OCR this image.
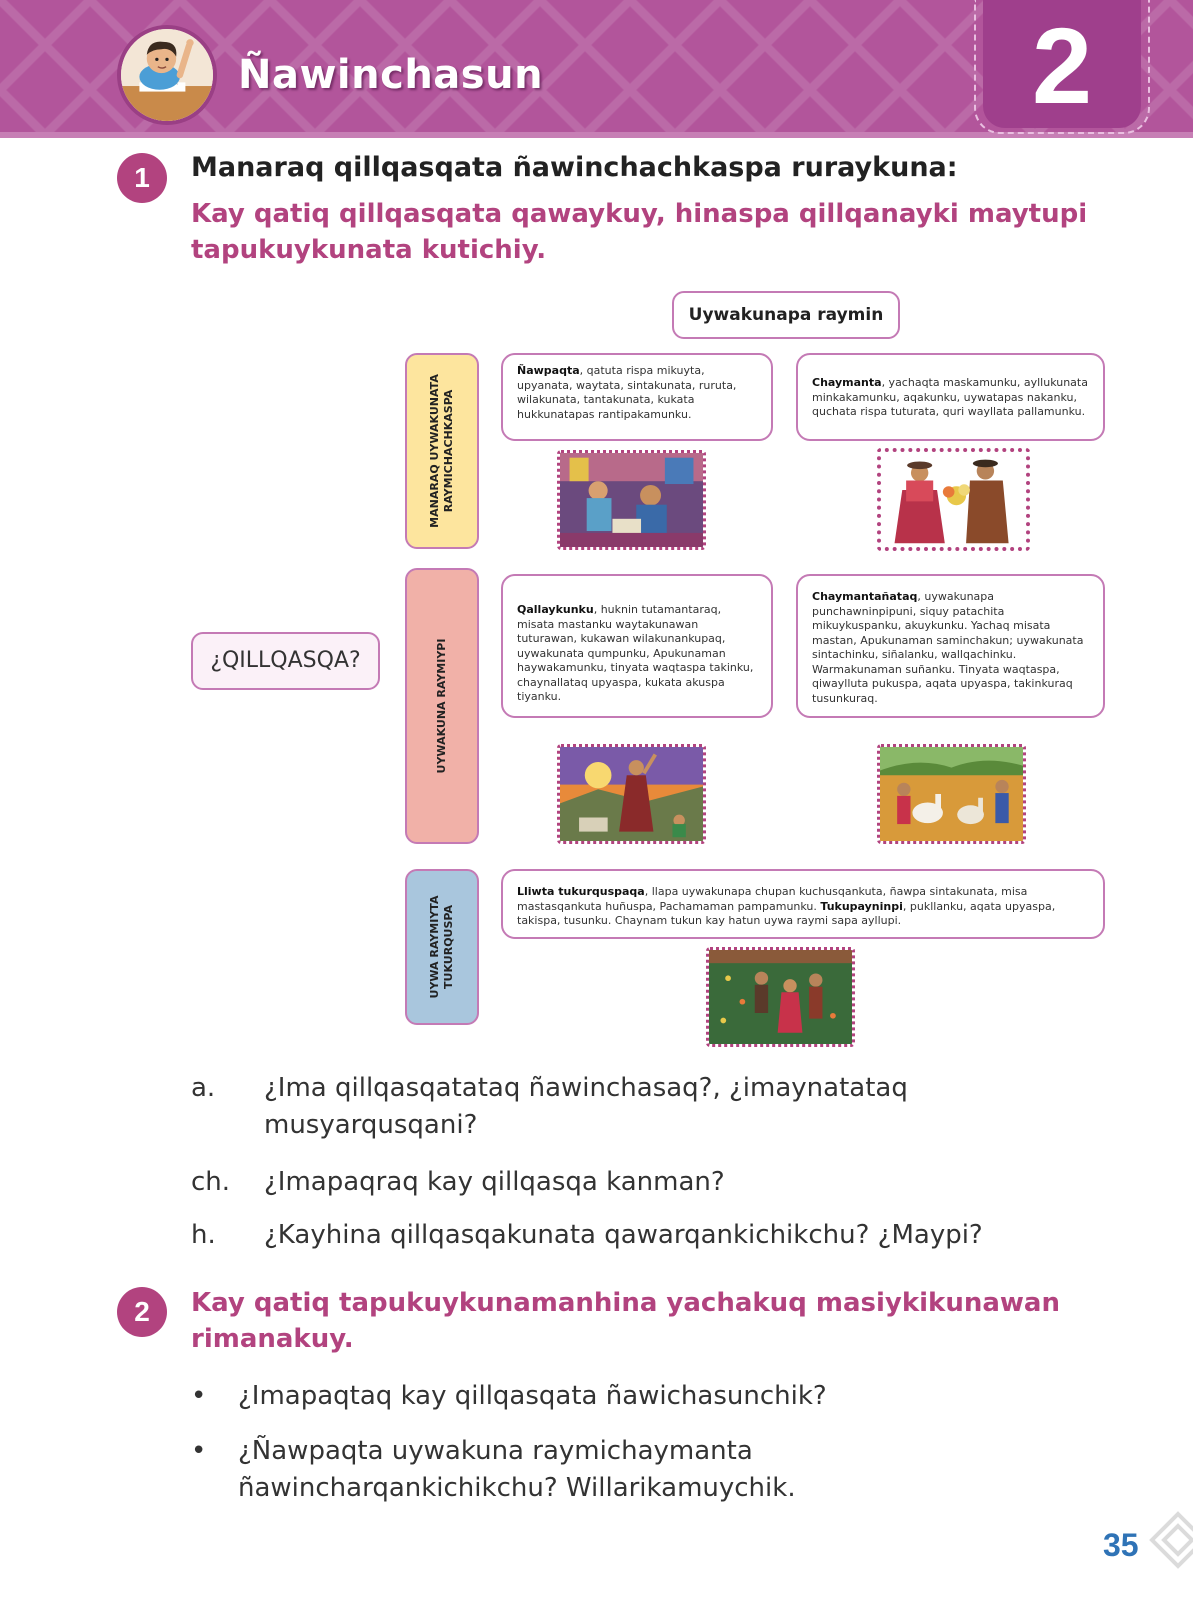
Ñawinchasun	2
1	Manaraq qillqasqata ñawinchachkaspa ruraykuna:
Kay qatiq qillqasqata qawaykuy, hinaspa qillqanayki maytupi tapukuykunata kutichiy.
Uywakunapa raymin
¿QILLQASQA?
MANARAQ UYWAKUNATA
RAYMICHACHKASPA
UYWAKUNA RAYMIYPI
UYWA RAYMIYTA
TUKURQUSPA
Ñawpaqta, qatuta rispa mikuyta, upyanata, waytata, sintakunata, ruruta, wilakunata, tantakunata, kukata hukkunatapas rantipakamunku.
Chaymanta, yachaqta maskamunku, ayllukunata minkakamunku, aqakunku, uywatapas nakanku, quchata rispa tuturata, quri wayllata pallamunku.
Qallaykunku, huknin tutamantaraq, misata mastanku waytakunawan tuturawan, kukawan wilakunankupaq, uywakunata qumpunku, Apukunaman haywakamunku, tinyata waqtaspa takinku, chaynallataq upyaspa, kukata akuspa tiyanku.
Chaymantañataq, uywakunapa punchawninpipuni, siquy patachita mikuykuspanku, akuykunku. Yachaq misata mastan, Apukunaman saminchakun; uywakunata sintachinku, siñalanku, wallqachinku. Warmakunaman suñanku. Tinyata waqtaspa, qiwaylluta pukuspa, aqata upyaspa, takinkuraq tusunkuraq.
Lliwta tukurquspaqa, llapa uywakunapa chupan kuchusqankuta, ñawpa sintakunata, misa mastasqankuta huñuspa, Pachamaman pampamunku. Tukupayninpi, pukllanku, aqata upyaspa, takispa, tusunku. Chaynam tukun kay hatun uywa raymi sapa ayllupi.
a. ¿Ima qillqasqatataq ñawinchasaq?, ¿imaynatataq musyarqusqani?
ch. ¿Imapaqraq kay qillqasqa kanman?
h. ¿Kayhina qillqasqakunata qawarqankichikchu? ¿Maypi?
2	Kay qatiq tapukuykunamanhina yachakuq masiykikunawan rimanakuy.
• ¿Imapaqtaq kay qillqasqata ñawichasunchik?
• ¿Ñawpaqta uywakuna raymichaymanta ñawincharqankichikchu? Willarikamuychik.
35
